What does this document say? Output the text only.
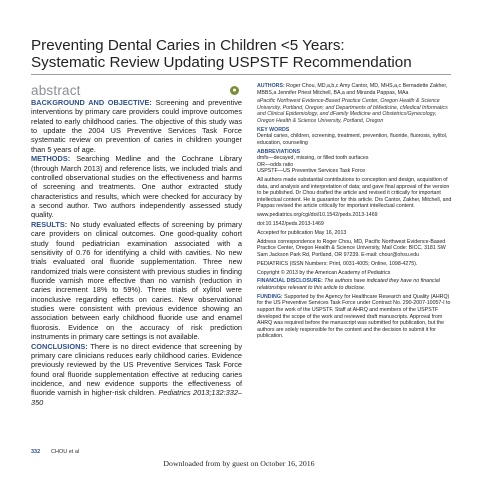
Preventing Dental Caries in Children <5 Years:
Systematic Review Updating USPSTF Recommendation
abstract	●

BACKGROUND AND OBJECTIVE: Screening and preventive interventions by primary care providers could improve outcomes related to early childhood caries. The objective of this study was to update the 2004 US Preventive Services Task Force systematic review on prevention of caries in children younger than 5 years of age.

METHODS: Searching Medline and the Cochrane Library (through March 2013) and reference lists, we included trials and controlled observational studies on the effectiveness and harms of screening and treatments. One author extracted study characteristics and results, which were checked for accuracy by a second author. Two authors independently assessed study quality.

RESULTS: No study evaluated effects of screening by primary care providers on clinical outcomes. One good-quality cohort study found pediatrician examination associated with a sensitivity of 0.76 for identifying a child with cavities. No new trials evaluated oral fluoride supplementation. Three new randomized trials were consistent with previous studies in finding fluoride varnish more effective than no varnish (reduction in caries increment 18% to 59%). Three trials of xylitol were inconclusive regarding effects on caries. New observational studies were consistent with previous evidence showing an association between early childhood fluoride use and enamel fluorosis. Evidence on the accuracy of risk prediction instruments in primary care settings is not available.

CONCLUSIONS: There is no direct evidence that screening by primary care clinicians reduces early childhood caries. Evidence previously reviewed by the US Preventive Services Task Force found oral fluoride supplementation effective at reducing caries incidence, and new evidence supports the effectiveness of fluoride varnish in higher-risk children. Pediatrics 2013;132:332–350

AUTHORS: Roger Chou, MD,a,b,c Amy Cantor, MD, MHS,a,c Bernadette Zakher, MBBS,a Jennifer Priest Mitchell, BA,a and Miranda Pappas, MAa

aPacific Northwest Evidence-Based Practice Center, Oregon Health & Science University, Portland, Oregon; and Departments of bMedicine, cMedical Informatics and Clinical Epidemiology, and dFamily Medicine and Obstetrics/Gynecology, Oregon Health & Science University, Portland, Oregon

KEY WORDS

Dental caries, children, screening, treatment, prevention, fluoride, fluorosis, xylitol, education, counseling

ABBREVIATIONS

dmfs—decayed, missing, or filled tooth surfaces

OR—odds ratio

USPSTF—US Preventive Services Task Force

All authors made substantial contributions to conception and design, acquisition of data, and analysis and interpretation of data; and gave final approval of the version to be published. Dr Chou drafted the article and revised it critically for important intellectual content. He is guarantor for this article. Drs Cantor, Zakher, Mitchell, and Pappas revised the article critically for important intellectual content.

www.pediatrics.org/cgi/doi/10.1542/peds.2013-1469

doi:10.1542/peds.2013-1469

Accepted for publication May 16, 2013

Address correspondence to Roger Chou, MD, Pacific Northwest Evidence-Based Practice Center, Oregon Health & Science University, Mail Code: BICC, 3181 SW Sam Jackson Park Rd, Portland, OR 97239. E-mail: chour@ohsu.edu

PEDIATRICS (ISSN Numbers: Print, 0031-4005; Online, 1098-4275).

Copyright © 2013 by the American Academy of Pediatrics

FINANCIAL DISCLOSURE: The authors have indicated they have no financial relationships relevant to this article to disclose.

FUNDING: Supported by the Agency for Healthcare Research and Quality (AHRQ) for the US Preventive Services Task Force under Contract No. 290-2007-10057-I to support the work of the USPSTF. Staff at AHRQ and members of the USPSTF developed the scope of the work and reviewed draft manuscripts. Approval from AHRQ was required before the manuscript was submitted for publication, but the authors are solely responsible for the content and the decision to submit it for publication.

332 CHOU et al
Downloaded from by guest on October 16, 2016
